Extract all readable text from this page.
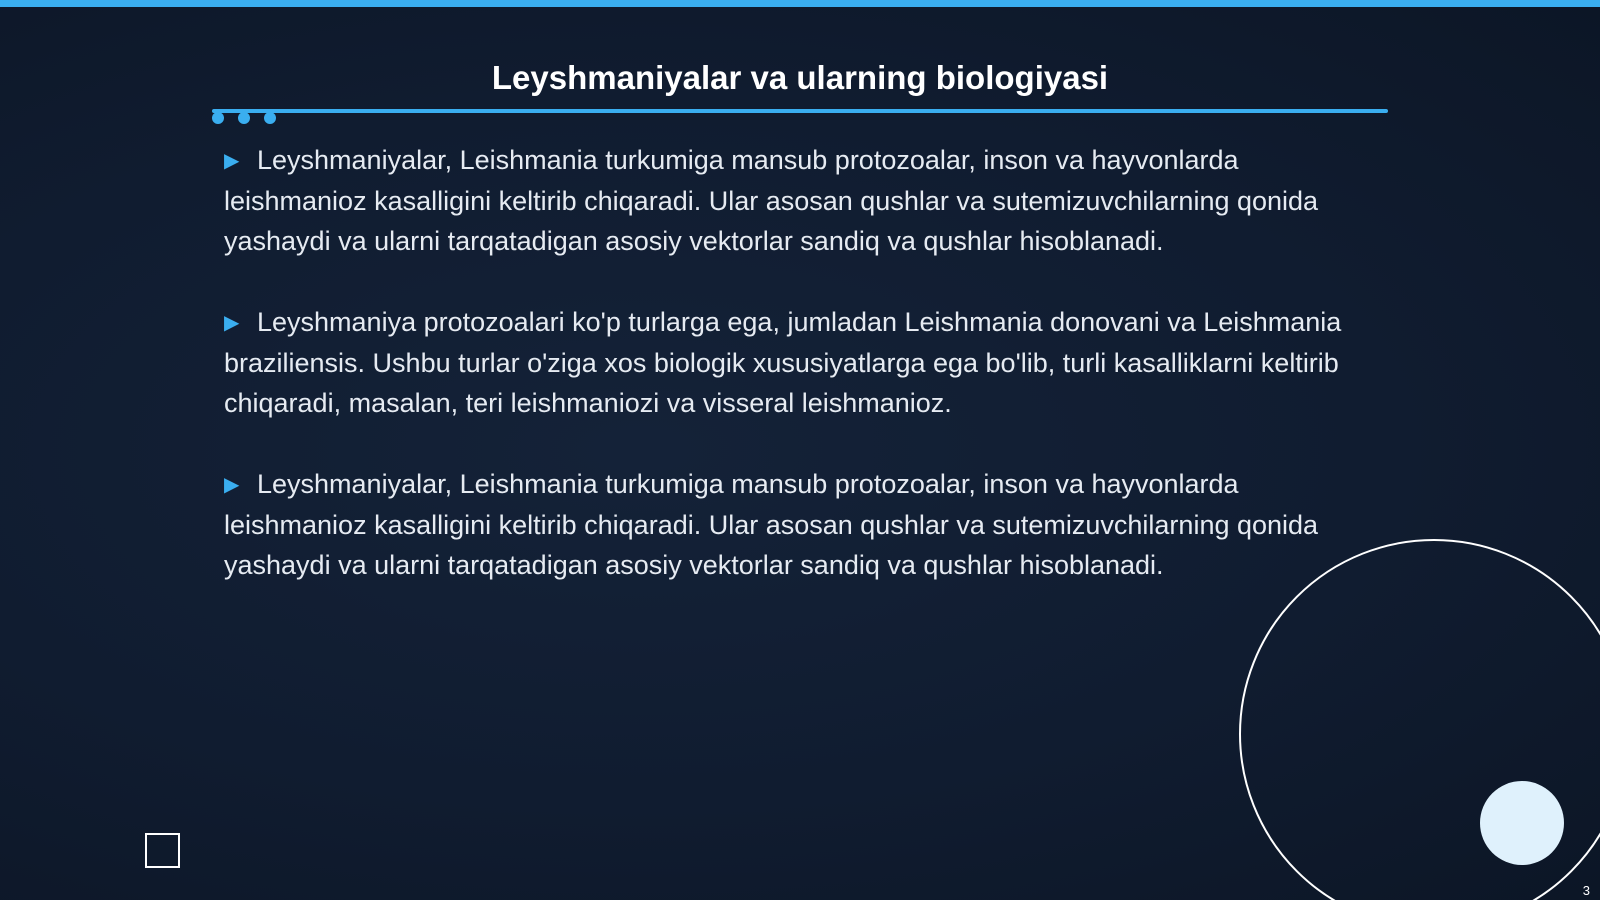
Leyshmaniyalar va ularning biologiyasi

▶ Leyshmaniyalar, Leishmania turkumiga mansub protozoalar, inson va hayvonlarda leishmanioz kasalligini keltirib chiqaradi. Ular asosan qushlar va sutemizuvchilarning qonida yashaydi va ularni tarqatadigan asosiy vektorlar sandiq va qushlar hisoblanadi.

▶ Leyshmaniya protozoalari ko'p turlarga ega, jumladan Leishmania donovani va Leishmania braziliensis. Ushbu turlar o'ziga xos biologik xususiyatlarga ega bo'lib, turli kasalliklarni keltirib chiqaradi, masalan, teri leishmaniozi va visseral leishmanioz.

▶ Leyshmaniyalar, Leishmania turkumiga mansub protozoalar, inson va hayvonlarda leishmanioz kasalligini keltirib chiqaradi. Ular asosan qushlar va sutemizuvchilarning qonida yashaydi va ularni tarqatadigan asosiy vektorlar sandiq va qushlar hisoblanadi.

3
